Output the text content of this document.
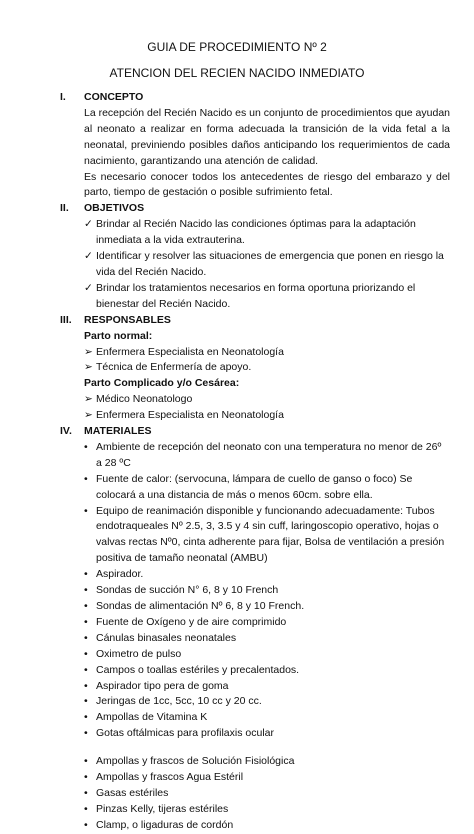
GUIA DE PROCEDIMIENTO Nº 2
ATENCION DEL RECIEN NACIDO INMEDIATO
I.	CONCEPTO

La recepción del Recién Nacido es un conjunto de procedimientos que ayudan al neonato a realizar en forma adecuada la transición de la vida fetal a la neonatal, previniendo posibles daños anticipando los requerimientos de cada nacimiento, garantizando una atención de calidad.

Es necesario conocer todos los antecedentes de riesgo del embarazo y del parto, tiempo de gestación o posible sufrimiento fetal.

II.	OBJETIVOS
✓ Brindar al Recién Nacido las condiciones óptimas para la adaptación inmediata a la vida extrauterina.
✓ Identificar y resolver las situaciones de emergencia que ponen en riesgo la vida del Recién Nacido.
✓ Brindar los tratamientos necesarios en forma oportuna priorizando el bienestar del Recién Nacido.
III.	RESPONSABLES
Parto normal:
➢ Enfermera Especialista en Neonatología
➢ Técnica de Enfermería de apoyo.
Parto Complicado y/o Cesárea:
➢ Médico Neonatologo
➢ Enfermera Especialista en Neonatología
IV.	MATERIALES
• Ambiente de recepción del neonato con una temperatura no menor de 26º a 28 ºC
• Fuente de calor: (servocuna, lámpara de cuello de ganso o foco) Se colocará a una distancia de más o menos 60cm. sobre ella.
• Equipo de reanimación disponible y funcionando adecuadamente: Tubos endotraqueales Nº 2.5, 3, 3.5 y 4 sin cuff, laringoscopio operativo, hojas o valvas rectas Nº0, cinta adherente para fijar, Bolsa de ventilación a presión positiva de tamaño neonatal (AMBU)
• Aspirador.
• Sondas de succión N° 6, 8 y 10 French
• Sondas de alimentación Nº 6, 8 y 10 French.
• Fuente de Oxígeno y de aire comprimido
• Cánulas binasales neonatales
• Oximetro de pulso
• Campos o toallas estériles y precalentados.
• Aspirador tipo pera de goma
• Jeringas de 1cc, 5cc, 10 cc y 20 cc.
• Ampollas de Vitamina K
• Gotas oftálmicas para profilaxis ocular
• Ampollas y frascos de Solución Fisiológica
• Ampollas y frascos Agua Estéril
• Gasas estériles
• Pinzas Kelly, tijeras estériles
• Clamp, o ligaduras de cordón
